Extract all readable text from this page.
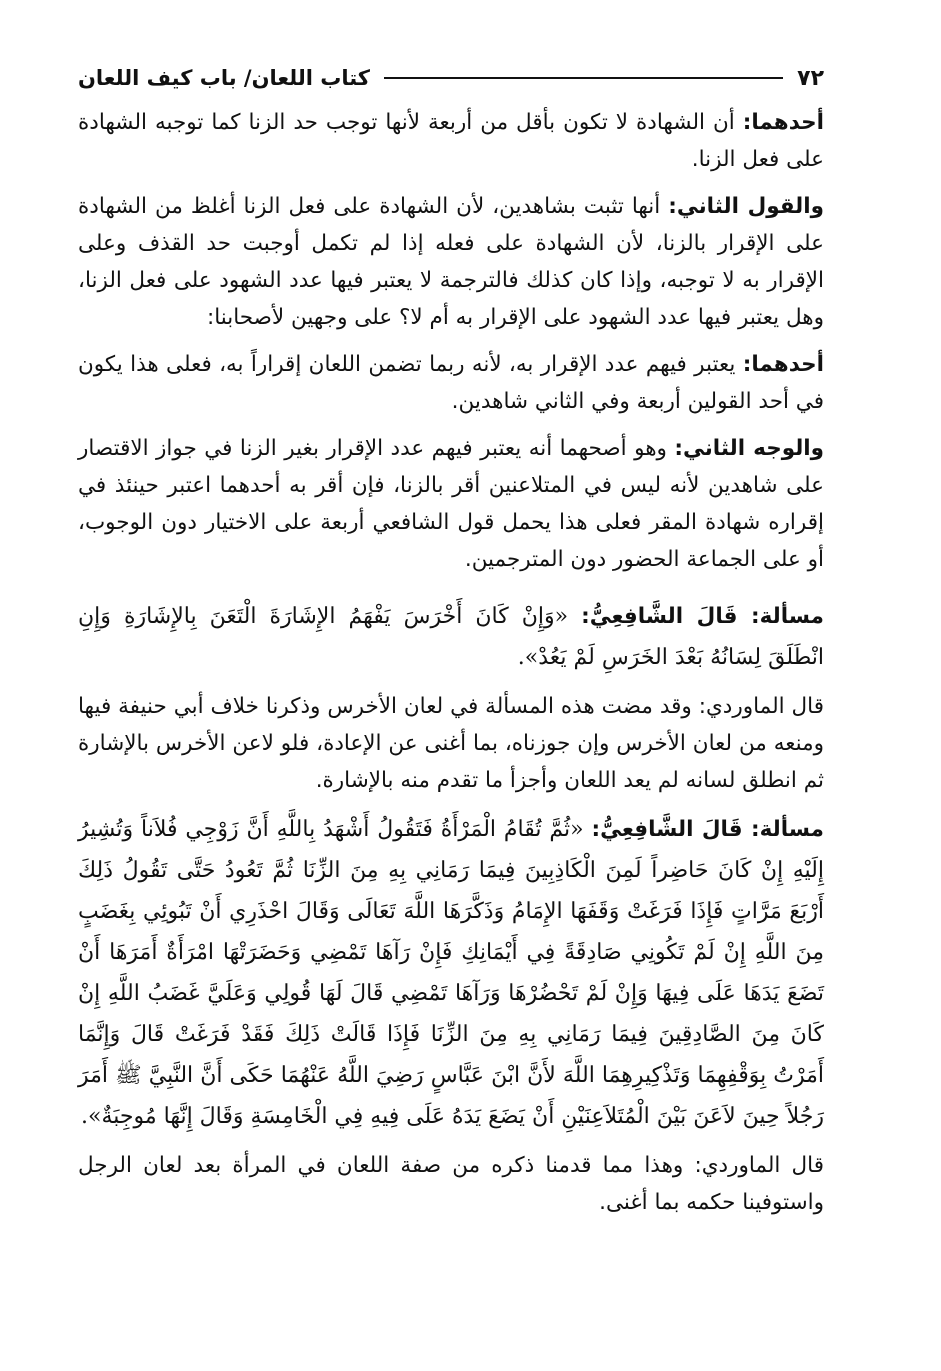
٧٢
كتاب اللعان/ باب كيف اللعان

أحدهما: أن الشهادة لا تكون بأقل من أربعة لأنها توجب حد الزنا كما توجبه الشهادة على فعل الزنا.

والقول الثاني: أنها تثبت بشاهدين، لأن الشهادة على فعل الزنا أغلظ من الشهادة على الإقرار بالزنا، لأن الشهادة على فعله إذا لم تكمل أوجبت حد القذف وعلى الإقرار به لا توجبه، وإذا كان كذلك فالترجمة لا يعتبر فيها عدد الشهود على فعل الزنا، وهل يعتبر فيها عدد الشهود على الإقرار به أم لا؟ على وجهين لأصحابنا:

أحدهما: يعتبر فيهم عدد الإقرار به، لأنه ربما تضمن اللعان إقراراً به، فعلى هذا يكون في أحد القولين أربعة وفي الثاني شاهدين.

والوجه الثاني: وهو أصحهما أنه يعتبر فيهم عدد الإقرار بغير الزنا في جواز الاقتصار على شاهدين لأنه ليس في المتلاعنين أقر بالزنا، فإن أقر به أحدهما اعتبر حينئذ في إقراره شهادة المقر فعلى هذا يحمل قول الشافعي أربعة على الاختيار دون الوجوب، أو على الجماعة الحضور دون المترجمين.

مسألة: قَالَ الشَّافِعِيُّ: «وَإِنْ كَانَ أَخْرَسَ يَفْهَمُ الإِشَارَةَ الْتَعَنَ بِالإِشَارَةِ وَإِنِ انْطَلَقَ لِسَانُهُ بَعْدَ الخَرَسِ لَمْ يَعُدْ».

قال الماوردي: وقد مضت هذه المسألة في لعان الأخرس وذكرنا خلاف أبي حنيفة فيها ومنعه من لعان الأخرس وإن جوزناه، بما أغنى عن الإعادة، فلو لاعن الأخرس بالإشارة ثم انطلق لسانه لم يعد اللعان وأجزأ ما تقدم منه بالإشارة.

مسألة: قَالَ الشَّافِعِيُّ: «ثُمَّ تُقَامُ الْمَرْأَةُ فَتَقُولُ أَشْهَدُ بِاللَّهِ أَنَّ زَوْجِي فُلاَناً وَتُشِيرُ إِلَيْهِ إِنْ كَانَ حَاضِراً لَمِنَ الْكَاذِبِينَ فِيمَا رَمَانِي بِهِ مِنَ الزِّنَا ثُمَّ تَعُودُ حَتَّى تَقُولُ ذَلِكَ أَرْبَعَ مَرَّاتٍ فَإِذَا فَرَغَتْ وَقَفَهَا الإِمَامُ وَذَكَّرَهَا اللَّهَ تَعَالَى وَقَالَ احْذَرِي أَنْ تَبُوئِي بِغَضَبٍ مِنَ اللَّهِ إِنْ لَمْ تَكُونِي صَادِقَةً فِي أَيْمَانِكِ فَإِنْ رَآهَا تَمْضِي وَحَضَرَتْهَا امْرَأَةٌ أَمَرَهَا أَنْ تَضَعَ يَدَهَا عَلَى فِيهَا وَإِنْ لَمْ تَحْضُرْهَا وَرَآهَا تَمْضِي قَالَ لَهَا قُولِي وَعَلَيَّ غَضَبُ اللَّهِ إِنْ كَانَ مِنَ الصَّادِقِينَ فِيمَا رَمَانِي بِهِ مِنَ الزِّنَا فَإِذَا قَالَتْ ذَلِكَ فَقَدْ فَرَغَتْ قَالَ وَإِنَّمَا أَمَرْتُ بِوَقْفِهِمَا وَتَذْكِيرِهِمَا اللَّهَ لأَنَّ ابْنَ عَبَّاسٍ رَضِيَ اللَّهُ عَنْهُمَا حَكَى أَنَّ النَّبِيَّ ﷺ أَمَرَ رَجُلاً حِينَ لاَعَنَ بَيْنَ الْمُتَلاَعِنَيْنِ أَنْ يَضَعَ يَدَهُ عَلَى فِيهِ فِي الْخَامِسَةِ وَقَالَ إِنَّهَا مُوجِبَةٌ».

قال الماوردي: وهذا مما قدمنا ذكره من صفة اللعان في المرأة بعد لعان الرجل واستوفينا حكمه بما أغنى.
